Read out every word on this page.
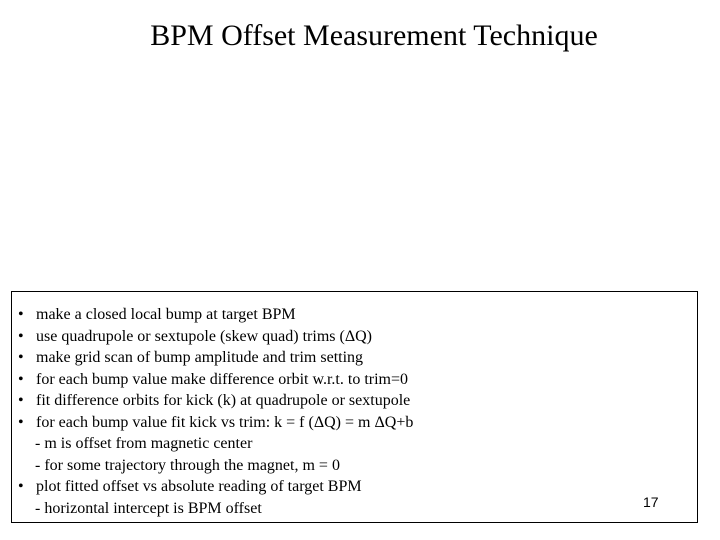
BPM Offset Measurement Technique
• make a closed local bump at target BPM
• use quadrupole or sextupole (skew quad) trims (ΔQ)
• make grid scan of bump amplitude and trim setting
• for each bump value make difference orbit w.r.t. to trim=0
• fit difference orbits for kick (k) at quadrupole or sextupole
• for each bump value fit kick vs trim: k = f (ΔQ) = m ΔQ+b
- m is offset from magnetic center
- for some trajectory through the magnet, m = 0
• plot fitted offset vs absolute reading of target BPM
- horizontal intercept is BPM offset	17
